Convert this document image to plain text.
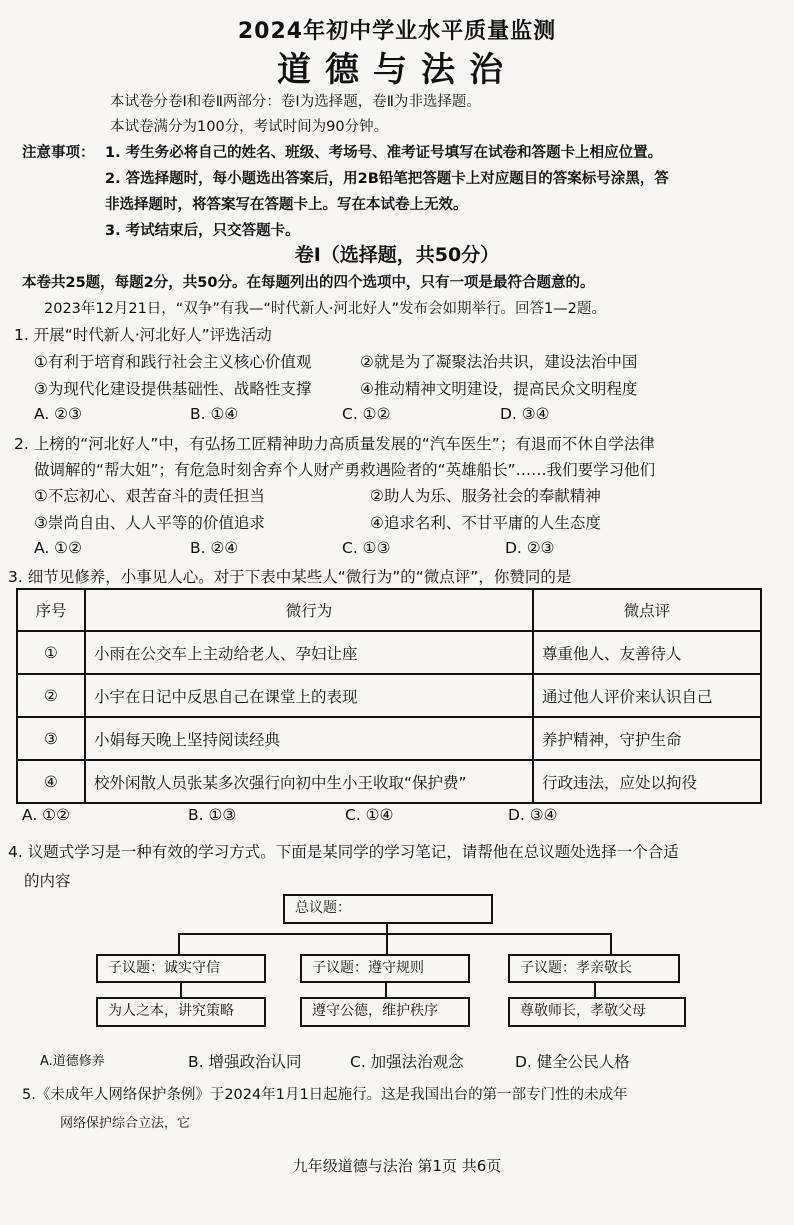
2024年初中学业水平质量监测
道德与法治
本试卷分卷Ⅰ和卷Ⅱ两部分：卷Ⅰ为选择题，卷Ⅱ为非选择题。
本试卷满分为100分，考试时间为90分钟。
注意事项： 1. 考生务必将自己的姓名、班级、考场号、准考证号填写在试卷和答题卡上相应位置。
2. 答选择题时，每小题选出答案后，用2B铅笔把答题卡上对应题目的答案标号涂黑，答
非选择题时，将答案写在答题卡上。写在本试卷上无效。
3. 考试结束后，只交答题卡。
卷Ⅰ（选择题，共50分）
本卷共25题，每题2分，共50分。在每题列出的四个选项中，只有一项是最符合题意的。
2023年12月21日，“双争”有我—“时代新人·河北好人”发布会如期举行。回答1—2题。
1. 开展“时代新人·河北好人”评选活动
①有利于培育和践行社会主义核心价值观	②就是为了凝聚法治共识，建设法治中国
③为现代化建设提供基础性、战略性支撑	④推动精神文明建设，提高民众文明程度
A. ②③	B. ①④	C. ①②	D. ③④
2. 上榜的“河北好人”中，有弘扬工匠精神助力高质量发展的“汽车医生”；有退而不休自学法律
做调解的“帮大姐”；有危急时刻舍弃个人财产勇救遇险者的“英雄船长”……我们要学习他们
①不忘初心、艰苦奋斗的责任担当	②助人为乐、服务社会的奉献精神
③崇尚自由、人人平等的价值追求	④追求名利、不甘平庸的人生态度
A. ①②	B. ②④	C. ①③	D. ②③
3. 细节见修养，小事见人心。对于下表中某些人“微行为”的“微点评”，你赞同的是
序号	微行为	微点评
①	小雨在公交车上主动给老人、孕妇让座	尊重他人、友善待人
②	小宇在日记中反思自己在课堂上的表现	通过他人评价来认识自己
③	小娟每天晚上坚持阅读经典	养护精神，守护生命
④	校外闲散人员张某多次强行向初中生小王收取“保护费”	行政违法，应处以拘役
A. ①②	B. ①③	C. ①④	D. ③④
4. 议题式学习是一种有效的学习方式。下面是某同学的学习笔记，请帮他在总议题处选择一个合适
的内容
总议题：
子议题：诚实守信	子议题：遵守规则	子议题：孝亲敬长
为人之本，讲究策略	遵守公德，维护秩序	尊敬师长，孝敬父母
A.道德修养	B. 增强政治认同	C. 加强法治观念	D. 健全公民人格
5.《未成年人网络保护条例》于2024年1月1日起施行。这是我国出台的第一部专门性的未成年
网络保护综合立法，它
九年级道德与法治 第1页 共6页
